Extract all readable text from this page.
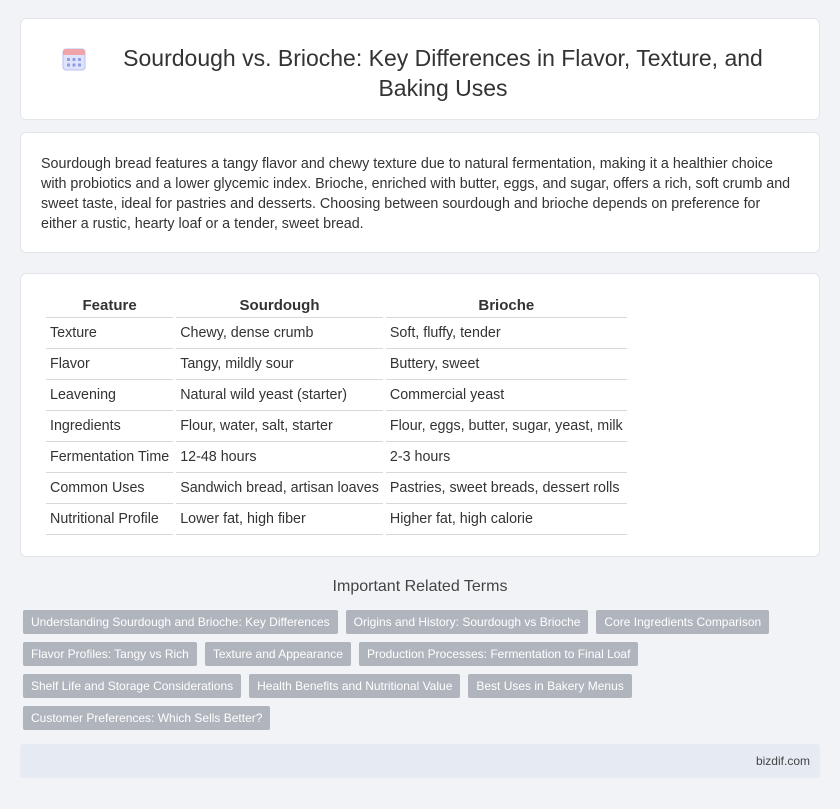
Sourdough vs. Brioche: Key Differences in Flavor, Texture, and Baking Uses

Sourdough bread features a tangy flavor and chewy texture due to natural fermentation, making it a healthier choice with probiotics and a lower glycemic index. Brioche, enriched with butter, eggs, and sugar, offers a rich, soft crumb and sweet taste, ideal for pastries and desserts. Choosing between sourdough and brioche depends on preference for either a rustic, hearty loaf or a tender, sweet bread.

Feature	Sourdough	Brioche
Texture	Chewy, dense crumb	Soft, fluffy, tender
Flavor	Tangy, mildly sour	Buttery, sweet
Leavening	Natural wild yeast (starter)	Commercial yeast
Ingredients	Flour, water, salt, starter	Flour, eggs, butter, sugar, yeast, milk
Fermentation Time	12-48 hours	2-3 hours
Common Uses	Sandwich bread, artisan loaves	Pastries, sweet breads, dessert rolls
Nutritional Profile	Lower fat, high fiber	Higher fat, high calorie
Important Related Terms
Understanding Sourdough and Brioche: Key Differences	Origins and History: Sourdough vs Brioche	Core Ingredients Comparison
Flavor Profiles: Tangy vs Rich	Texture and Appearance	Production Processes: Fermentation to Final Loaf
Shelf Life and Storage Considerations	Health Benefits and Nutritional Value	Best Uses in Bakery Menus
Customer Preferences: Which Sells Better?
bizdif.com
